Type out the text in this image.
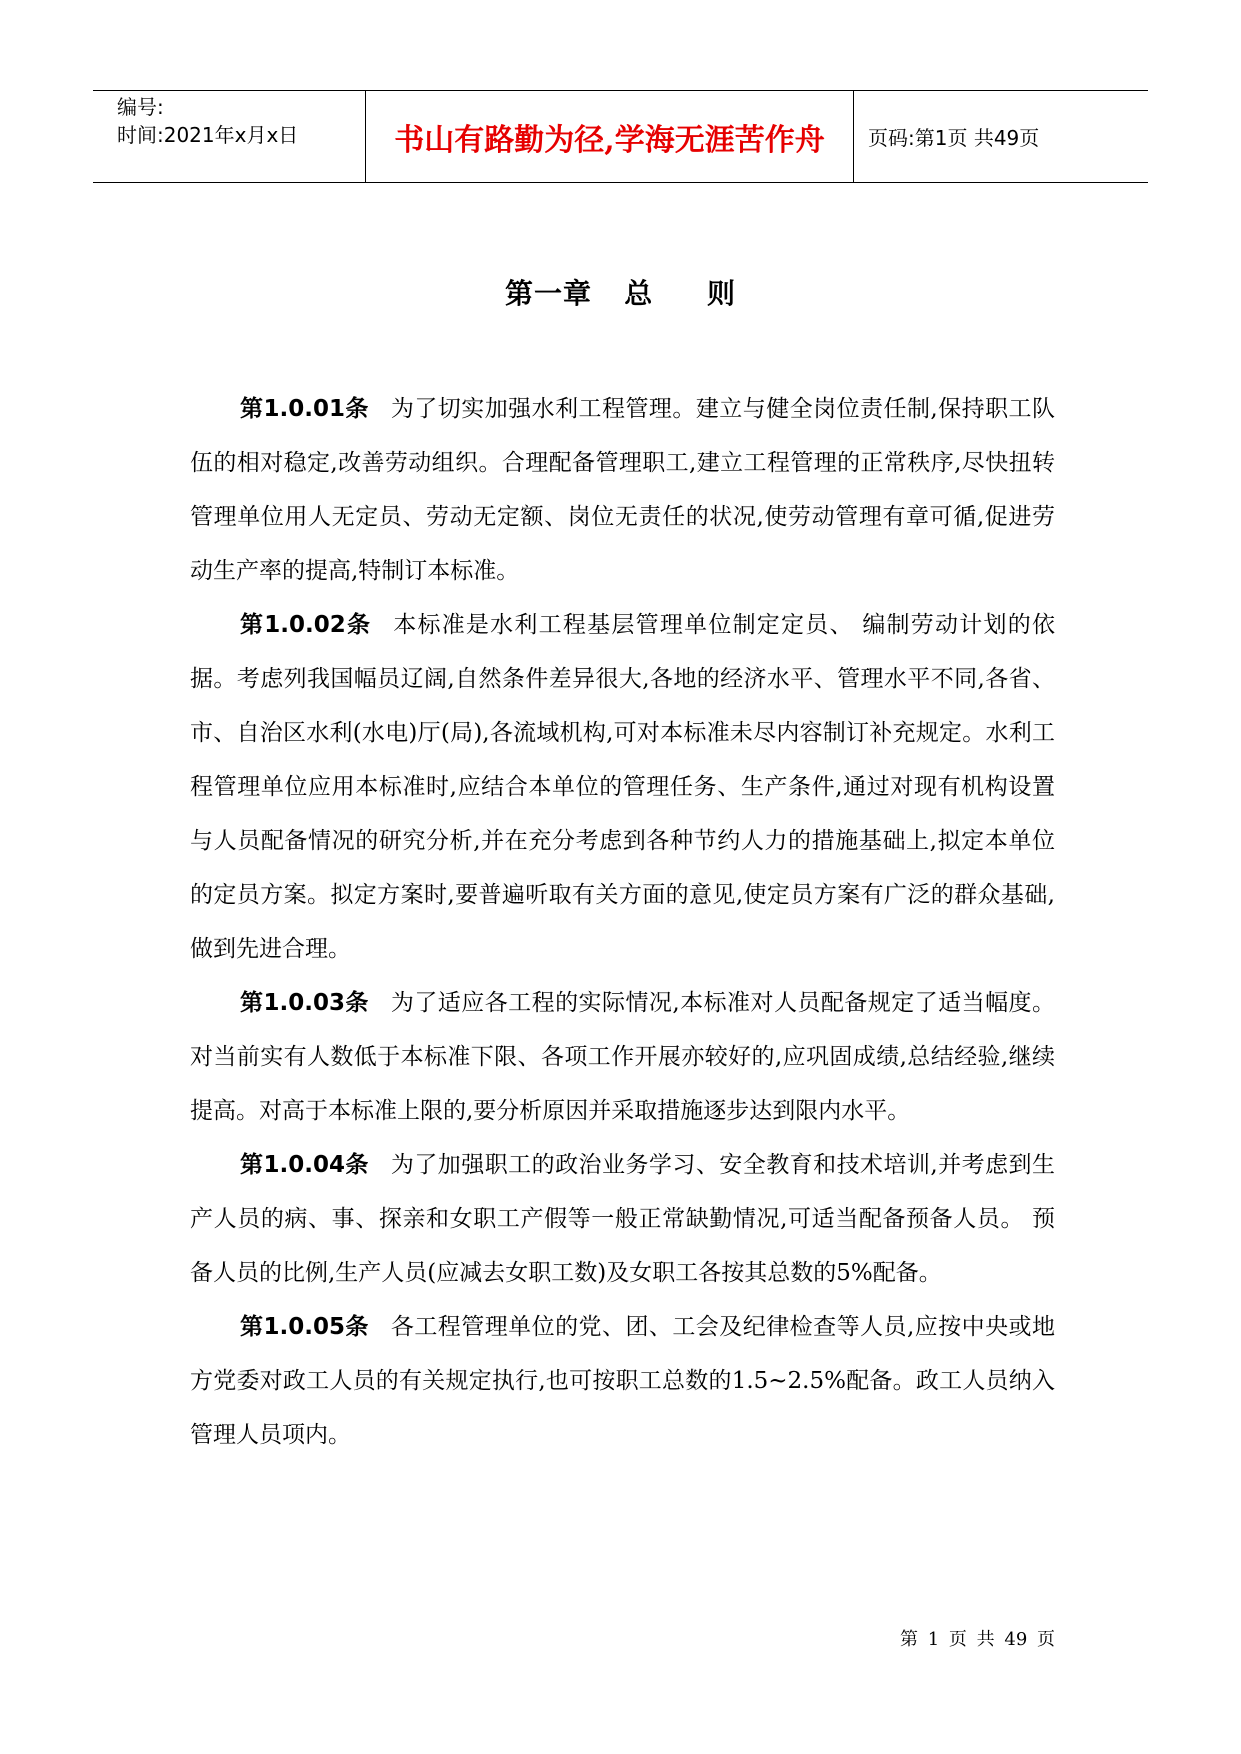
编号:
时间:2021年x月x日	书山有路勤为径,学海无涯苦作舟	页码:第1页 共49页
第一章   总     则

第1.0.01条 为了切实加强水利工程管理。建立与健全岗位责任制,保持职工队伍的相对稳定,改善劳动组织。合理配备管理职工,建立工程管理的正常秩序,尽快扭转管理单位用人无定员、劳动无定额、岗位无责任的状况,使劳动管理有章可循,促进劳动生产率的提高,特制订本标准。

第1.0.02条 本标准是水利工程基层管理单位制定定员、 编制劳动计划的依据。考虑列我国幅员辽阔,自然条件差异很大,各地的经济水平、管理水平不同,各省、市、自治区水利(水电)厅(局),各流域机构,可对本标准未尽内容制订补充规定。水利工程管理单位应用本标准时,应结合本单位的管理任务、生产条件,通过对现有机构设置与人员配备情况的研究分析,并在充分考虑到各种节约人力的措施基础上,拟定本单位的定员方案。拟定方案时,要普遍听取有关方面的意见,使定员方案有广泛的群众基础,做到先进合理。

第1.0.03条 为了适应各工程的实际情况,本标准对人员配备规定了适当幅度。对当前实有人数低于本标准下限、各项工作开展亦较好的,应巩固成绩,总结经验,继续提高。对高于本标准上限的,要分析原因并采取措施逐步达到限内水平。

第1.0.04条 为了加强职工的政治业务学习、安全教育和技术培训,并考虑到生产人员的病、事、探亲和女职工产假等一般正常缺勤情况,可适当配备预备人员。 预备人员的比例,生产人员(应减去女职工数)及女职工各按其总数的5%配备。

第1.0.05条 各工程管理单位的党、团、工会及纪律检查等人员,应按中央或地方党委对政工人员的有关规定执行,也可按职工总数的1.5~2.5%配备。政工人员纳入管理人员项内。

第 1 页 共 49 页
